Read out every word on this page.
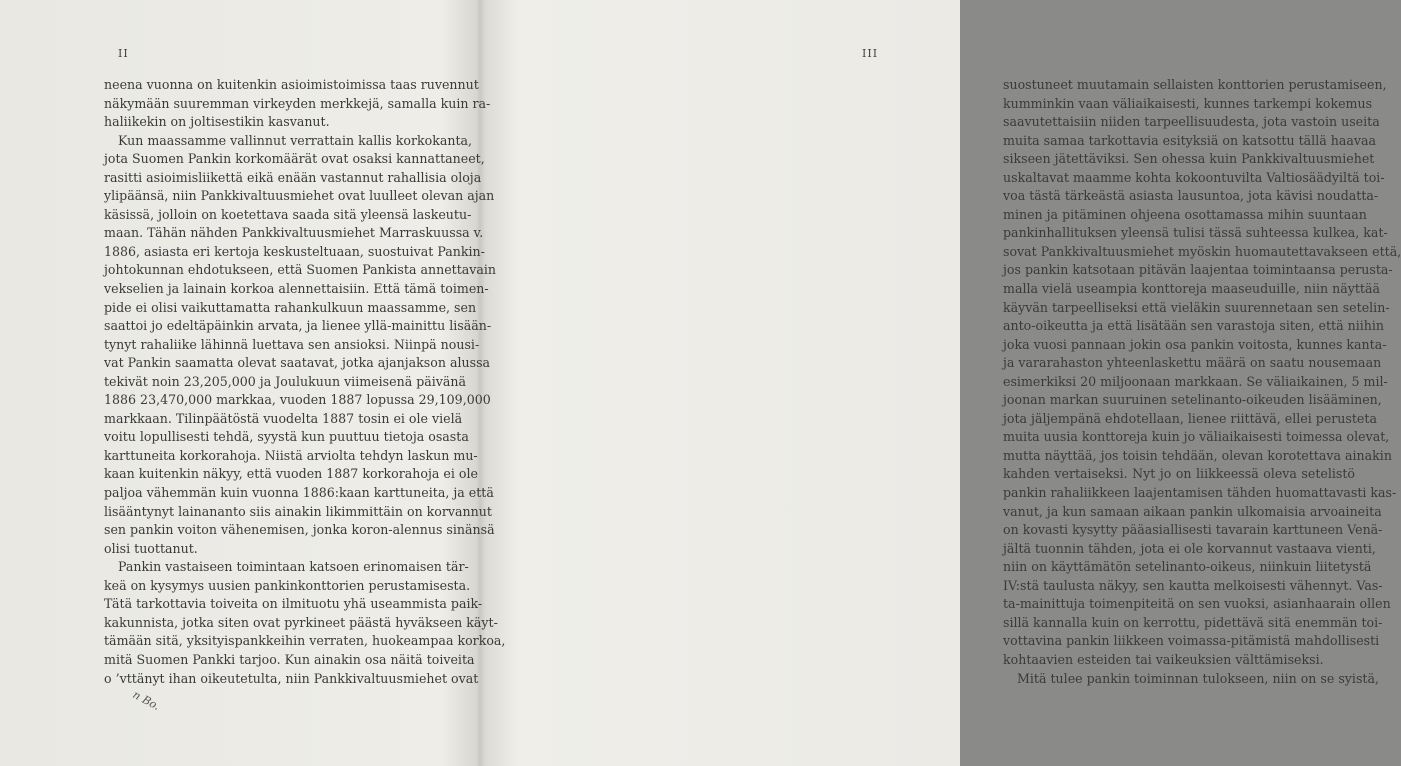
II
neena vuonna on kuitenkin asioimistoimissa taas ruvennut
näkymään suuremman virkeyden merkkejä, samalla kuin ra-
haliikekin on joltisestikin kasvanut.
Kun maassamme vallinnut verrattain kallis korkokanta,
jota Suomen Pankin korkomäärät ovat osaksi kannattaneet,
rasitti asioimisliikettä eikä enään vastannut rahallisia oloja
ylipäänsä, niin Pankkivaltuusmiehet ovat luulleet olevan ajan
käsissä, jolloin on koetettava saada sitä yleensä laskeutu-
maan. Tähän nähden Pankkivaltuusmiehet Marraskuussa v.
1886, asiasta eri kertoja keskusteltuaan, suostuivat Pankin-
johtokunnan ehdotukseen, että Suomen Pankista annettavain
vekselien ja lainain korkoa alennettaisiin. Että tämä toimen-
pide ei olisi vaikuttamatta rahankulkuun maassamme, sen
saattoi jo edeltäpäinkin arvata, ja lienee yllä-mainittu lisään-
tynyt rahaliike lähinnä luettava sen ansioksi. Niinpä nousi-
vat Pankin saamatta olevat saatavat, jotka ajanjakson alussa
tekivät noin 23,205,000 ja Joulukuun viimeisenä päivänä
1886 23,470,000 markkaa, vuoden 1887 lopussa 29,109,000
markkaan. Tilinpäätöstä vuodelta 1887 tosin ei ole vielä
voitu lopullisesti tehdä, syystä kun puuttuu tietoja osasta
karttuneita korkorahoja. Niistä arviolta tehdyn laskun mu-
kaan kuitenkin näkyy, että vuoden 1887 korkorahoja ei ole
paljoa vähemmän kuin vuonna 1886:kaan karttuneita, ja että
lisääntynyt lainananto siis ainakin likimmittäin on korvannut
sen pankin voiton vähenemisen, jonka koron-alennus sinänsä
olisi tuottanut.
Pankin vastaiseen toimintaan katsoen erinomaisen tär-
keä on kysymys uusien pankinkonttorien perustamisesta.
Tätä tarkottavia toiveita on ilmituotu yhä useammista paik-
kakunnista, jotka siten ovat pyrkineet päästä hyväkseen käyt-
tämään sitä, yksityispankkeihin verraten, huokeampaa korkoa,
mitä Suomen Pankki tarjoo. Kun ainakin osa näitä toiveita
o ’vttänyt ihan oikeutetulta, niin Pankkivaltuusmiehet ovat
n Bo.
III
suostuneet muutamain sellaisten konttorien perustamiseen,
kumminkin vaan väliaikaisesti, kunnes tarkempi kokemus
saavutettaisiin niiden tarpeellisuudesta, jota vastoin useita
muita samaa tarkottavia esityksiä on katsottu tällä haavaa
sikseen jätettäviksi. Sen ohessa kuin Pankkivaltuusmiehet
uskaltavat maamme kohta kokoontuvilta Valtiosäädyiltä toi-
voa tästä tärkeästä asiasta lausuntoa, jota kävisi noudatta-
minen ja pitäminen ohjeena osottamassa mihin suuntaan
pankinhallituksen yleensä tulisi tässä suhteessa kulkea, kat-
sovat Pankkivaltuusmiehet myöskin huomautettavakseen että,
jos pankin katsotaan pitävän laajentaa toimintaansa perusta-
malla vielä useampia konttoreja maaseuduille, niin näyttää
käyvän tarpeelliseksi että vieläkin suurennetaan sen setelin-
anto-oikeutta ja että lisätään sen varastoja siten, että niihin
joka vuosi pannaan jokin osa pankin voitosta, kunnes kanta-
ja vararahaston yhteenlaskettu määrä on saatu nousemaan
esimerkiksi 20 miljoonaan markkaan. Se väliaikainen, 5 mil-
joonan markan suuruinen setelinanto-oikeuden lisääminen,
jota jäljempänä ehdotellaan, lienee riittävä, ellei perusteta
muita uusia konttoreja kuin jo väliaikaisesti toimessa olevat,
mutta näyttää, jos toisin tehdään, olevan korotettava ainakin
kahden vertaiseksi. Nyt jo on liikkeessä oleva setelistö
pankin rahaliikkeen laajentamisen tähden huomattavasti kas-
vanut, ja kun samaan aikaan pankin ulkomaisia arvoaineita
on kovasti kysytty pääasiallisesti tavarain karttuneen Venä-
jältä tuonnin tähden, jota ei ole korvannut vastaava vienti,
niin on käyttämätön setelinanto-oikeus, niinkuin liitetystä
IV:stä taulusta näkyy, sen kautta melkoisesti vähennyt. Vas-
ta-mainittuja toimenpiteitä on sen vuoksi, asianhaarain ollen
sillä kannalla kuin on kerrottu, pidettävä sitä enemmän toi-
vottavina pankin liikkeen voimassa-pitämistä mahdollisesti
kohtaavien esteiden tai vaikeuksien välttämiseksi.
Mitä tulee pankin toiminnan tulokseen, niin on se syistä,
